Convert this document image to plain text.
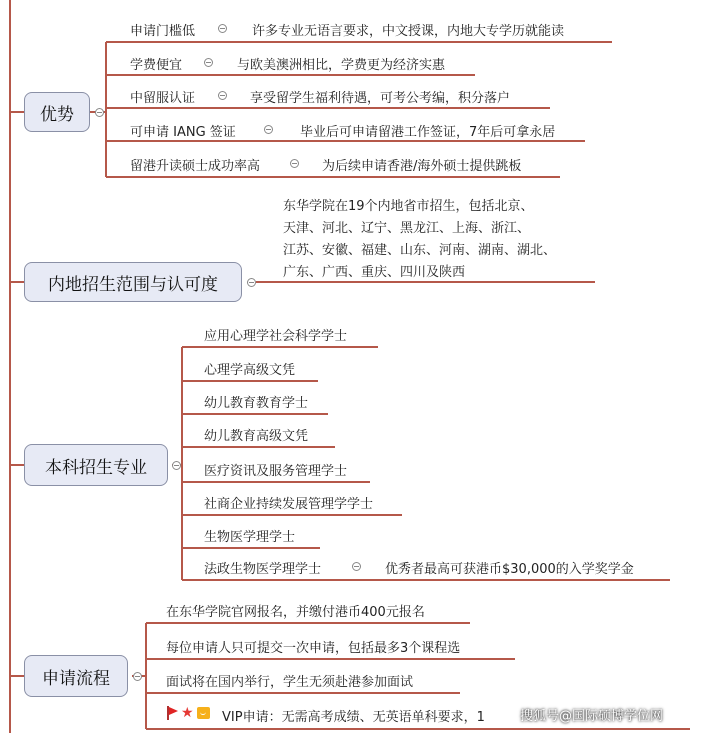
优势
申请门槛低	许多专业无语言要求，中文授课，内地大专学历就能读
学费便宜	与欧美澳洲相比，学费更为经济实惠
中留服认证	享受留学生福利待遇，可考公考编，积分落户
可申请 IANG 签证	毕业后可申请留港工作签证，7年后可拿永居
留港升读硕士成功率高	为后续申请香港/海外硕士提供跳板
内地招生范围与认可度
东华学院在19个内地省市招生，包括北京、
天津、河北、辽宁、黑龙江、上海、浙江、
江苏、安徽、福建、山东、河南、湖南、湖北、
广东、广西、重庆、四川及陕西
本科招生专业
应用心理学社会科学学士
心理学高级文凭
幼儿教育教育学士
幼儿教育高级文凭
医疗资讯及服务管理学士
社商企业持续发展管理学学士
生物医学理学士
法政生物医学理学士	优秀者最高可获港币$30,000的入学奖学金
申请流程
在东华学院官网报名，并缴付港币400元报名
每位申请人只可提交一次申请，包括最多3个课程选
面试将在国内举行，学生无须赴港参加面试
★ VIP申请：无需高考成绩、无英语单科要求，1	搜狐号@国际硕博学位网
